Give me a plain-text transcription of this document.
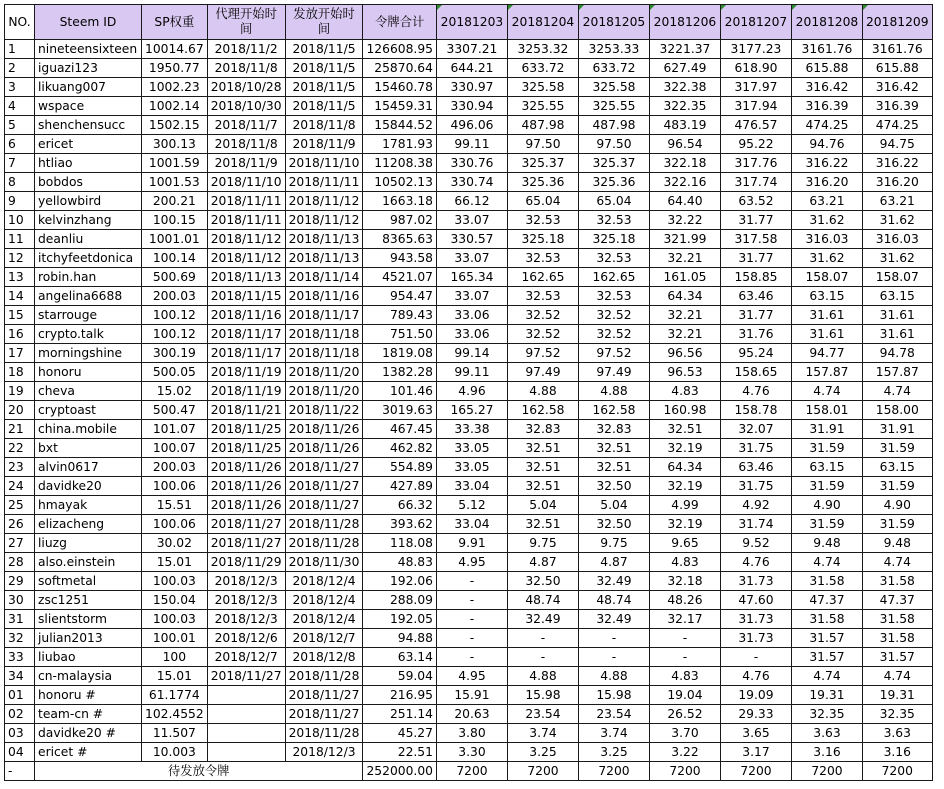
NO.	Steem ID	SP权重	代理开始时间	发放开始时间	令牌合计	20181203	20181204	20181205	20181206	20181207	20181208	20181209
1	nineteensixteen	10014.67	2018/11/2	2018/11/5	126608.95	3307.21	3253.32	3253.33	3221.37	3177.23	3161.76	3161.76
2	iguazi123	1950.77	2018/11/8	2018/11/5	25870.64	644.21	633.72	633.72	627.49	618.90	615.88	615.88
3	likuang007	1002.23	2018/10/28	2018/11/5	15460.78	330.97	325.58	325.58	322.38	317.97	316.42	316.42
4	wspace	1002.14	2018/10/30	2018/11/5	15459.31	330.94	325.55	325.55	322.35	317.94	316.39	316.39
5	shenchensucc	1502.15	2018/11/7	2018/11/8	15844.52	496.06	487.98	487.98	483.19	476.57	474.25	474.25
6	ericet	300.13	2018/11/8	2018/11/9	1781.93	99.11	97.50	97.50	96.54	95.22	94.76	94.75
7	htliao	1001.59	2018/11/9	2018/11/10	11208.38	330.76	325.37	325.37	322.18	317.76	316.22	316.22
8	bobdos	1001.53	2018/11/10	2018/11/11	10502.13	330.74	325.36	325.36	322.16	317.74	316.20	316.20
9	yellowbird	200.21	2018/11/11	2018/11/12	1663.18	66.12	65.04	65.04	64.40	63.52	63.21	63.21
10	kelvinzhang	100.15	2018/11/11	2018/11/12	987.02	33.07	32.53	32.53	32.22	31.77	31.62	31.62
11	deanliu	1001.01	2018/11/12	2018/11/13	8365.63	330.57	325.18	325.18	321.99	317.58	316.03	316.03
12	itchyfeetdonica	100.14	2018/11/12	2018/11/13	943.58	33.07	32.53	32.53	32.21	31.77	31.62	31.62
13	robin.han	500.69	2018/11/13	2018/11/14	4521.07	165.34	162.65	162.65	161.05	158.85	158.07	158.07
14	angelina6688	200.03	2018/11/15	2018/11/16	954.47	33.07	32.53	32.53	64.34	63.46	63.15	63.15
15	starrouge	100.12	2018/11/16	2018/11/17	789.43	33.06	32.52	32.52	32.21	31.77	31.61	31.61
16	crypto.talk	100.12	2018/11/17	2018/11/18	751.50	33.06	32.52	32.52	32.21	31.76	31.61	31.61
17	morningshine	300.19	2018/11/17	2018/11/18	1819.08	99.14	97.52	97.52	96.56	95.24	94.77	94.78
18	honoru	500.05	2018/11/19	2018/11/20	1382.28	99.11	97.49	97.49	96.53	158.65	157.87	157.87
19	cheva	15.02	2018/11/19	2018/11/20	101.46	4.96	4.88	4.88	4.83	4.76	4.74	4.74
20	cryptoast	500.47	2018/11/21	2018/11/22	3019.63	165.27	162.58	162.58	160.98	158.78	158.01	158.00
21	china.mobile	101.07	2018/11/25	2018/11/26	467.45	33.38	32.83	32.83	32.51	32.07	31.91	31.91
22	bxt	100.07	2018/11/25	2018/11/26	462.82	33.05	32.51	32.51	32.19	31.75	31.59	31.59
23	alvin0617	200.03	2018/11/26	2018/11/27	554.89	33.05	32.51	32.51	64.34	63.46	63.15	63.15
24	davidke20	100.06	2018/11/26	2018/11/27	427.89	33.04	32.51	32.50	32.19	31.75	31.59	31.59
25	hmayak	15.51	2018/11/26	2018/11/27	66.32	5.12	5.04	5.04	4.99	4.92	4.90	4.90
26	elizacheng	100.06	2018/11/27	2018/11/28	393.62	33.04	32.51	32.50	32.19	31.74	31.59	31.59
27	liuzg	30.02	2018/11/27	2018/11/28	118.08	9.91	9.75	9.75	9.65	9.52	9.48	9.48
28	also.einstein	15.01	2018/11/29	2018/11/30	48.83	4.95	4.87	4.87	4.83	4.76	4.74	4.74
29	softmetal	100.03	2018/12/3	2018/12/4	192.06	-	32.50	32.49	32.18	31.73	31.58	31.58
30	zsc1251	150.04	2018/12/3	2018/12/4	288.09	-	48.74	48.74	48.26	47.60	47.37	47.37
31	slientstorm	100.03	2018/12/3	2018/12/4	192.05	-	32.49	32.49	32.17	31.73	31.58	31.58
32	julian2013	100.01	2018/12/6	2018/12/7	94.88	-	-	-	-	31.73	31.57	31.58
33	liubao	100	2018/12/7	2018/12/8	63.14	-	-	-	-	-	31.57	31.57
34	cn-malaysia	15.01	2018/11/27	2018/11/28	59.04	4.95	4.88	4.88	4.83	4.76	4.74	4.74
01	honoru #	61.1774		2018/11/27	216.95	15.91	15.98	15.98	19.04	19.09	19.31	19.31
02	team-cn #	102.4552		2018/11/27	251.14	20.63	23.54	23.54	26.52	29.33	32.35	32.35
03	davidke20 #	11.507		2018/11/28	45.27	3.80	3.74	3.74	3.70	3.65	3.63	3.63
04	ericet #	10.003		2018/12/3	22.51	3.30	3.25	3.25	3.22	3.17	3.16	3.16
-	待发放令牌				252000.00	7200	7200	7200	7200	7200	7200	7200
